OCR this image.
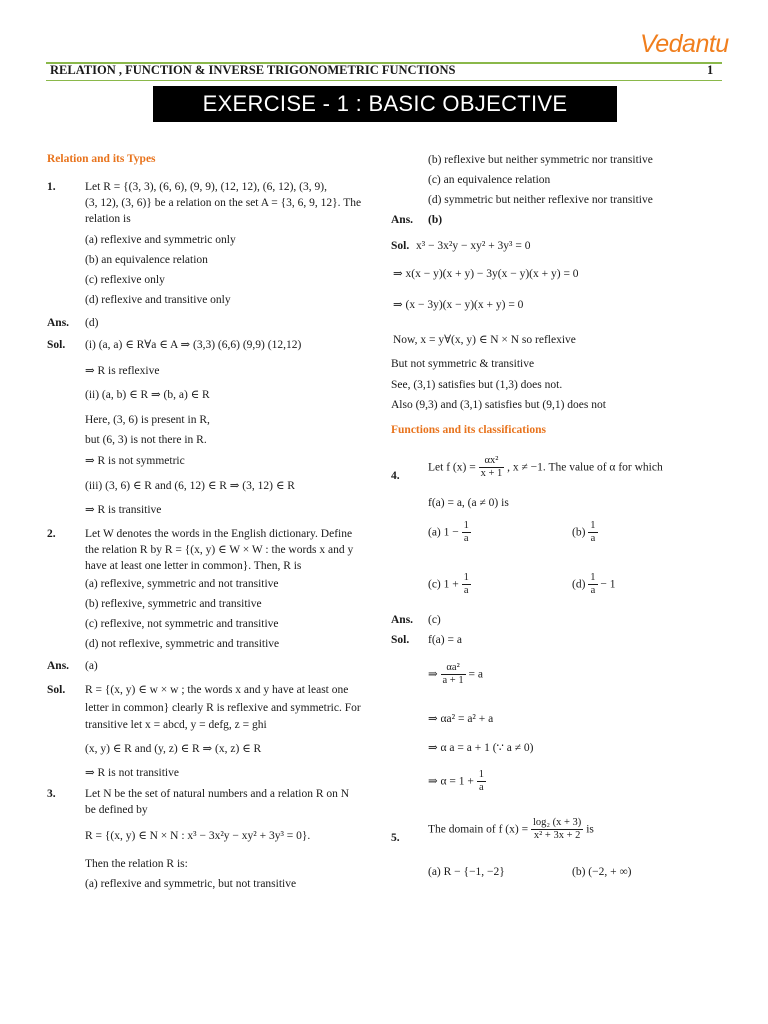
Vedantu
RELATION , FUNCTION & INVERSE TRIGONOMETRIC FUNCTIONS	1
EXERCISE - 1 : BASIC OBJECTIVE QUESTIONS
Relation and its Types
1.	Let R = {(3, 3), (6, 6), (9, 9), (12, 12), (6, 12), (3, 9),
(3, 12), (3, 6)} be a relation on the set A = {3, 6, 9, 12}. The
relation is
(a) reflexive and symmetric only
(b) an equivalence relation
(c) reflexive only
(d) reflexive and transitive only
Ans. (d)
Sol. (i) (a, a) ∈ R∀a ∈ A ⇒ (3,3) (6,6) (9,9) (12,12)
⇒ R is reflexive
(ii) (a, b) ∈ R ⇒ (b, a) ∈ R
Here, (3, 6) is present in R,
but (6, 3) is not there in R.
⇒ R is not symmetric
(iii) (3, 6) ∈ R and (6, 12) ∈ R ⇒ (3, 12) ∈ R
⇒ R is transitive
2.	Let W denotes the words in the English dictionary. Define
the relation R by R = {(x, y) ∈ W × W : the words x and y
have at least one letter in common}. Then, R is
(a) reflexive, symmetric and not transitive
(b) reflexive, symmetric and transitive
(c) reflexive, not symmetric and transitive
(d) not reflexive, symmetric and transitive
Ans. (a)
Sol. R = {(x, y) ∈ w × w ; the words x and y have at least one
letter in common} clearly R is reflexive and symmetric. For
transitive let x = abcd, y = defg, z = ghi
(x, y) ∈ R and (y, z) ∈ R ⇒ (x, z) ∈ R
⇒ R is not transitive
3.	Let N be the set of natural numbers and a relation R on N
be defined by
R = {(x, y) ∈ N × N : x³ − 3x²y − xy² + 3y³ = 0}.
Then the relation R is:
(a) reflexive and symmetric, but not transitive
(b) reflexive but neither symmetric nor transitive
(c) an equivalence relation
(d) symmetric but neither reflexive nor transitive
Ans. (b)
Sol. x³ − 3x²y − xy² + 3y³ = 0
⇒ x(x − y)(x + y) − 3y(x − y)(x + y) = 0
⇒ (x − 3y)(x − y)(x + y) = 0
Now, x = y∀(x, y) ∈ N × N so reflexive
But not symmetric & transitive
See, (3,1) satisfies but (1,3) does not.
Also (9,3) and (3,1) satisfies but (9,1) does not
Functions and its classifications
4.
Let f $(x) = \frac{\text{αx²}}{x + 1}$ , x ≠ −1. The value of α for which
f(a) = a, (a ≠ 0) is
(a) $1 - \frac{1}{a}$	$(b) \frac{1}{a}$
(c) $1 + \frac{1}{a}$	$(d) \frac{1}{a} - 1$
Ans. (c)
Sol. f(a) = a
⇒ $\frac{\text{αa²}}{a + 1} = a$
⇒ αa² = a² + a
⇒ α a = a + 1 (∵ a ≠ 0)
⇒ $\alpha = 1 + \frac{1}{a}$
5.
The domain of f $(x) = \frac{\text{log₂ (x + 3)}}{\text{x² + 3x + 2}}$ is
(a) R − {−1, −2}	(b) (−2, + ∞)
